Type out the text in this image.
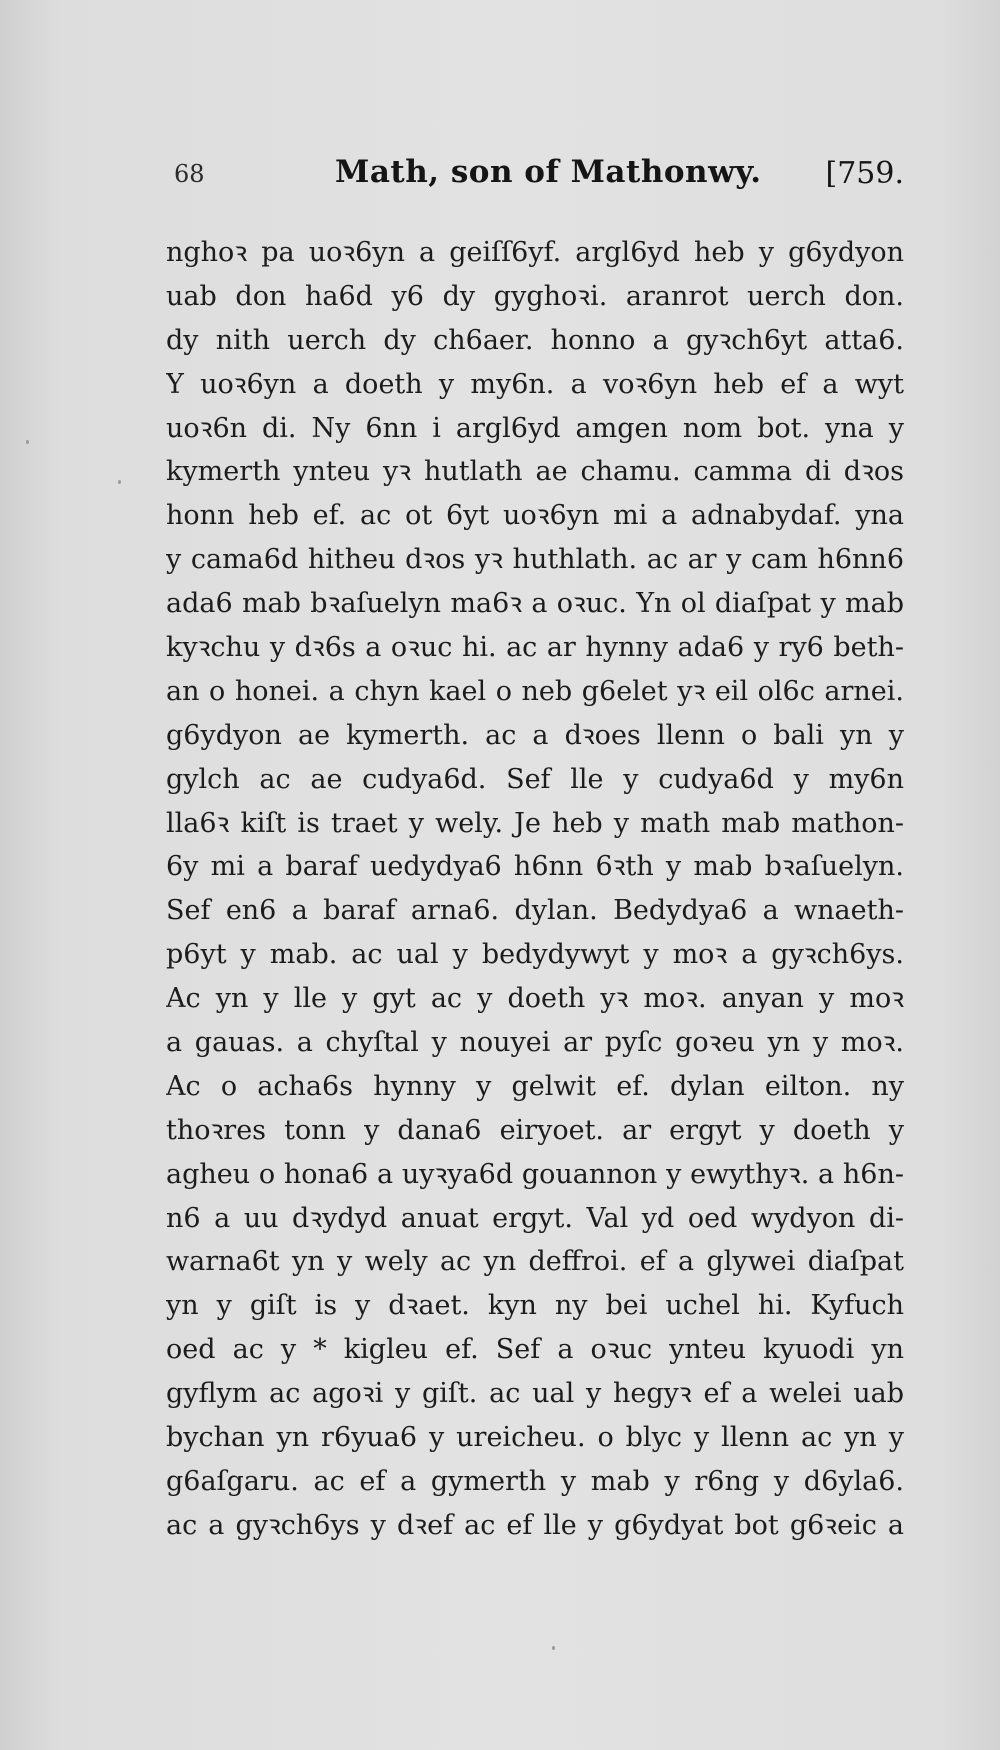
68	Math, son of Mathonwy. [759.
nghoꝛ pa uoꝛ6yn a geiſſ6yf. argl6yd heb y g6ydyon
uab don ha6d y6 dy gyghoꝛi. aranrot uerch don.
dy nith uerch dy ch6aer. honno a gyꝛch6yt atta6.
Y uoꝛ6yn a doeth y my6n. a voꝛ6yn heb ef a wyt
uoꝛ6n di. Ny 6nn i argl6yd amgen nom bot. yna y
kymerth ynteu yꝛ hutlath ae chamu. camma di dꝛos
honn heb ef. ac ot 6yt uoꝛ6yn mi a adnabydaf. yna
y cama6d hitheu dꝛos yꝛ huthlath. ac ar y cam h6nn6
ada6 mab bꝛaſuelyn ma6ꝛ a oꝛuc. Yn ol diaſpat y mab
kyꝛchu y dꝛ6s a oꝛuc hi. ac ar hynny ada6 y ry6 beth-
an o honei. a chyn kael o neb g6elet yꝛ eil ol6c arnei.
g6ydyon ae kymerth. ac a dꝛoes llenn o bali yn y
gylch ac ae cudya6d. Sef lle y cudya6d y my6n
lla6ꝛ kiſt is traet y wely. Je heb y math mab mathon-
6y mi a baraf uedydya6 h6nn 6ꝛth y mab bꝛaſuelyn.
Sef en6 a baraf arna6. dylan. Bedydya6 a wnaeth-
p6yt y mab. ac ual y bedydywyt y moꝛ a gyꝛch6ys.
Ac yn y lle y gyt ac y doeth yꝛ moꝛ. anyan y moꝛ
a gauas. a chyſtal y nouyei ar pyſc goꝛeu yn y moꝛ.
Ac o acha6s hynny y gelwit ef. dylan eilton. ny
thoꝛres tonn y dana6 eiryoet. ar ergyt y doeth y
agheu o hona6 a uyꝛya6d gouannon y ewythyꝛ. a h6n-
n6 a uu dꝛydyd anuat ergyt. Val yd oed wydyon di-
warna6t yn y wely ac yn deffroi. ef a glywei diaſpat
yn y giſt is y dꝛaet. kyn ny bei uchel hi. Kyfuch
oed ac y * kigleu ef. Sef a oꝛuc ynteu kyuodi yn
gyflym ac agoꝛi y giſt. ac ual y hegyꝛ ef a welei uab
bychan yn r6yua6 y ureicheu. o blyc y llenn ac yn y
g6aſgaru. ac ef a gymerth y mab y r6ng y d6yla6.
ac a gyꝛch6ys y dꝛef ac ef lle y g6ydyat bot g6ꝛeic a
